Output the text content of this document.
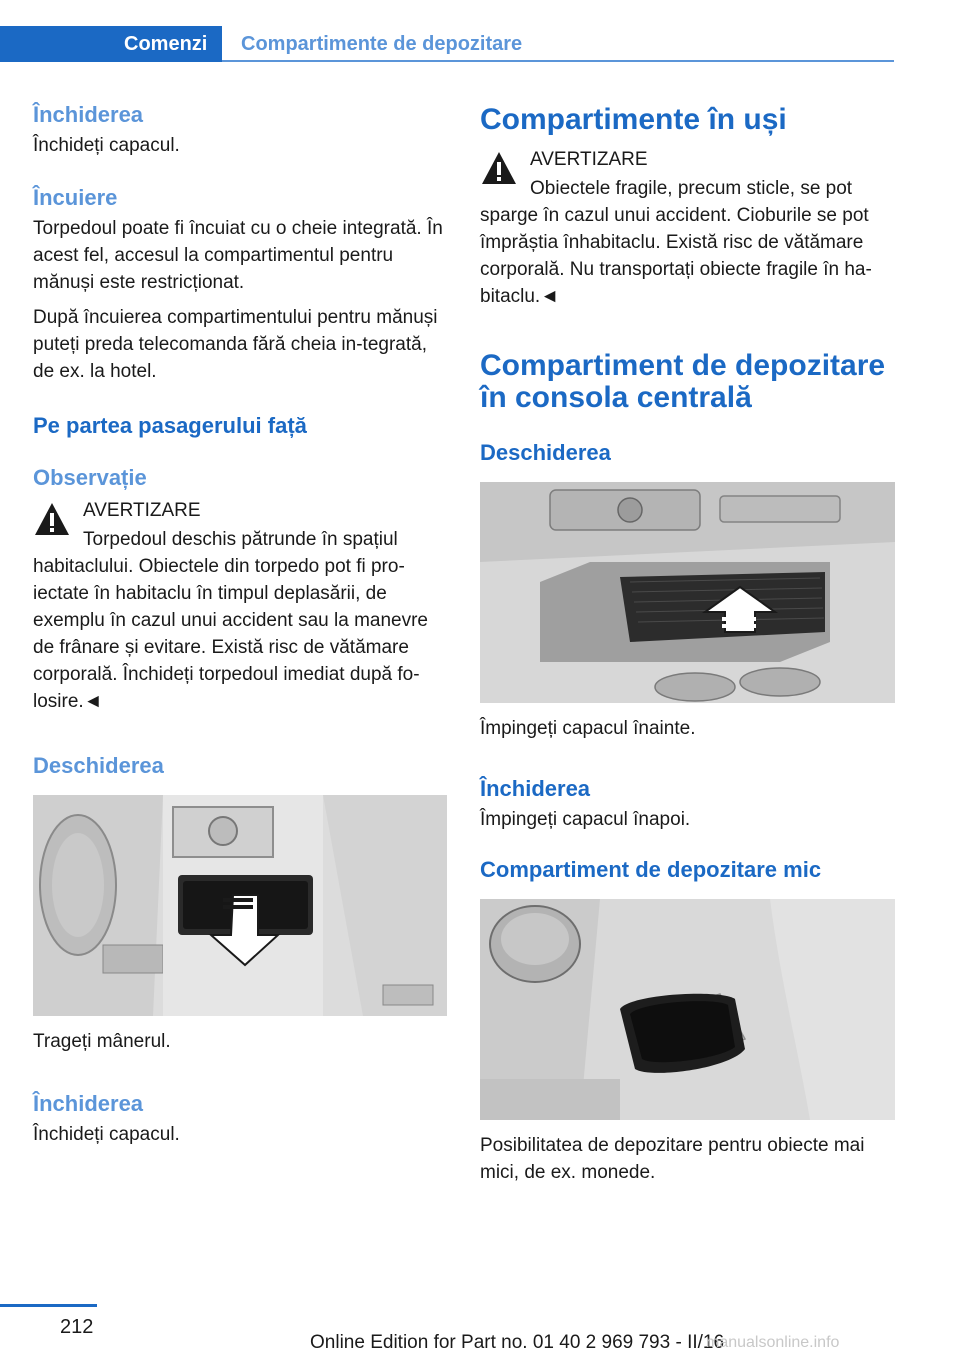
Comenzi	Compartimente de depozitare
Închiderea

Închideți capacul.

Încuiere

Torpedoul poate fi încuiat cu o cheie integrată. În acest fel, accesul la compartimentul pentru mănuși este restricționat.

După încuierea compartimentului pentru mănuși puteți preda telecomanda fără cheia in‐tegrată, de ex. la hotel.

Pe partea pasagerului față
Observație
AVERTIZARE
Torpedoul deschis pătrunde în spațiul

habitaclului. Obiectele din torpedo pot fi pro‐iectate în habitaclu în timpul deplasării, de exemplu în cazul unui accident sau la manevre de frânare și evitare. Există risc de vătămare corporală. Închideți torpedoul imediat după fo‐losire.◄

Deschiderea

Trageți mânerul.

Închiderea

Închideți capacul.

Compartimente în uși
AVERTIZARE
Obiectele fragile, precum sticle, se pot

sparge în cazul unui accident. Cioburile se pot împrăștia înhabitaclu. Există risc de vătămare corporală. Nu transportați obiecte fragile în ha‐bitaclu.◄

Compartiment de depozitare în consola centrală
Deschiderea

Împingeți capacul înainte.

Închiderea

Împingeți capacul înapoi.

Compartiment de depozitare mic

Posibilitatea de depozitare pentru obiecte mai mici, de ex. monede.

212
Online Edition for Part no. 01 40 2 969 793 - II/16
manualsonline.info
